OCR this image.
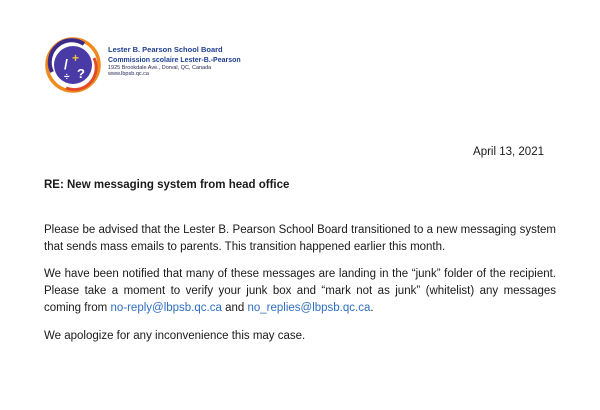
/ +
÷ ?
Lester B. Pearson School Board
Commission scolaire Lester-B.-Pearson
1925 Brookdale Ave., Dorval, QC, Canada
www.lbpsb.qc.ca
April 13, 2021
RE: New messaging system from head office
Please be advised that the Lester B. Pearson School Board transitioned to a new messaging system that sends mass emails to parents. This transition happened earlier this month.
We have been notified that many of these messages are landing in the “junk” folder of the recipient. Please take a moment to verify your junk box and “mark not as junk” (whitelist) any messages coming from no-reply@lbpsb.qc.ca and no_replies@lbpsb.qc.ca.
We apologize for any inconvenience this may case.
